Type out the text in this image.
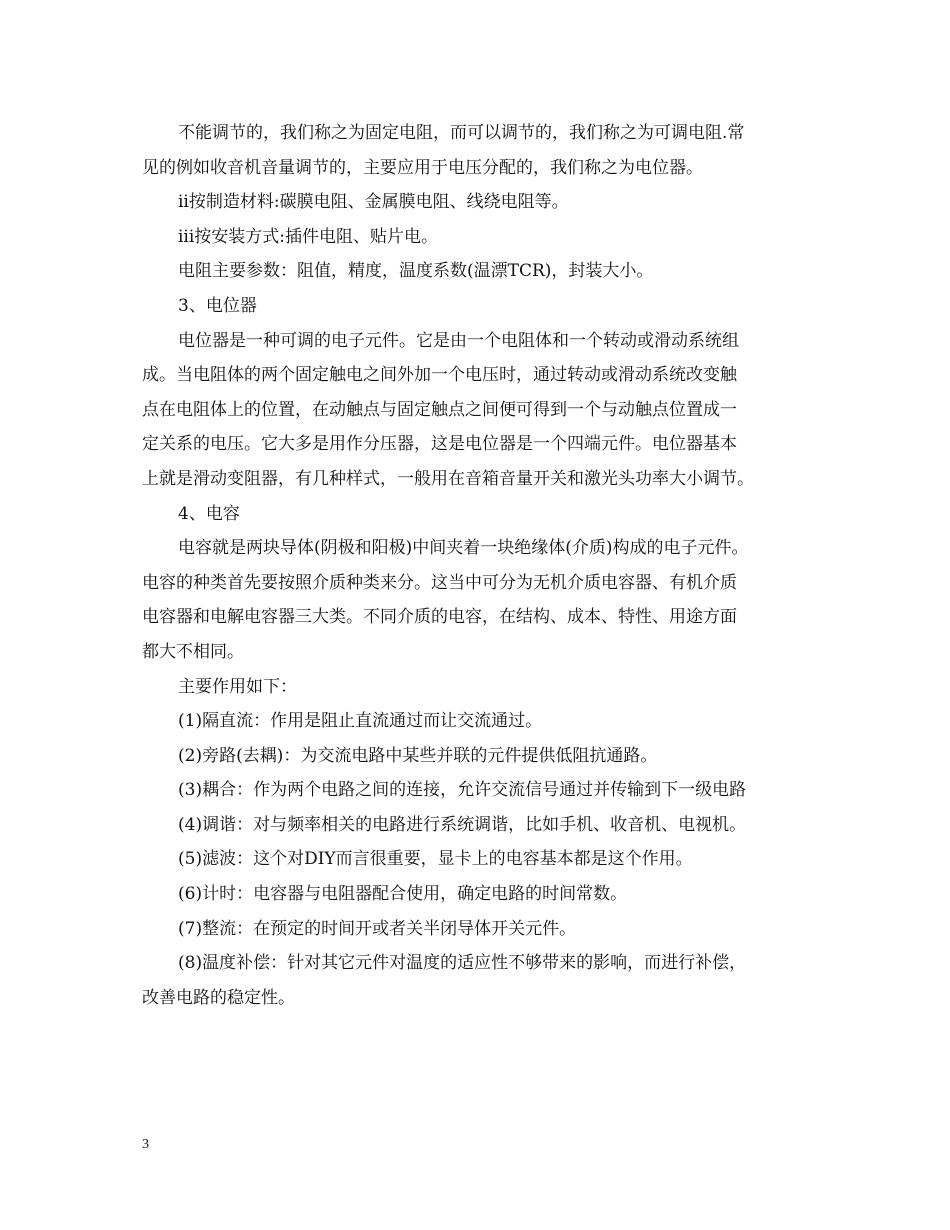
不能调节的，我们称之为固定电阻，而可以调节的，我们称之为可调电阻.常
见的例如收音机音量调节的，主要应用于电压分配的，我们称之为电位器。
ii按制造材料:碳膜电阻、金属膜电阻、线绕电阻等。
iii按安装方式:插件电阻、贴片电。
电阻主要参数：阻值，精度，温度系数(温漂TCR)，封装大小。
3、电位器
电位器是一种可调的电子元件。它是由一个电阻体和一个转动或滑动系统组
成。当电阻体的两个固定触电之间外加一个电压时，通过转动或滑动系统改变触
点在电阻体上的位置，在动触点与固定触点之间便可得到一个与动触点位置成一
定关系的电压。它大多是用作分压器，这是电位器是一个四端元件。电位器基本
上就是滑动变阻器，有几种样式，一般用在音箱音量开关和激光头功率大小调节。
4、电容
电容就是两块导体(阴极和阳极)中间夹着一块绝缘体(介质)构成的电子元件。
电容的种类首先要按照介质种类来分。这当中可分为无机介质电容器、有机介质
电容器和电解电容器三大类。不同介质的电容，在结构、成本、特性、用途方面
都大不相同。
主要作用如下：
(1)隔直流：作用是阻止直流通过而让交流通过。
(2)旁路(去耦)：为交流电路中某些并联的元件提供低阻抗通路。
(3)耦合：作为两个电路之间的连接，允许交流信号通过并传输到下一级电路
(4)调谐：对与频率相关的电路进行系统调谐，比如手机、收音机、电视机。
(5)滤波：这个对DIY而言很重要，显卡上的电容基本都是这个作用。
(6)计时：电容器与电阻器配合使用，确定电路的时间常数。
(7)整流：在预定的时间开或者关半闭导体开关元件。
(8)温度补偿：针对其它元件对温度的适应性不够带来的影响，而进行补偿，
改善电路的稳定性。
3
